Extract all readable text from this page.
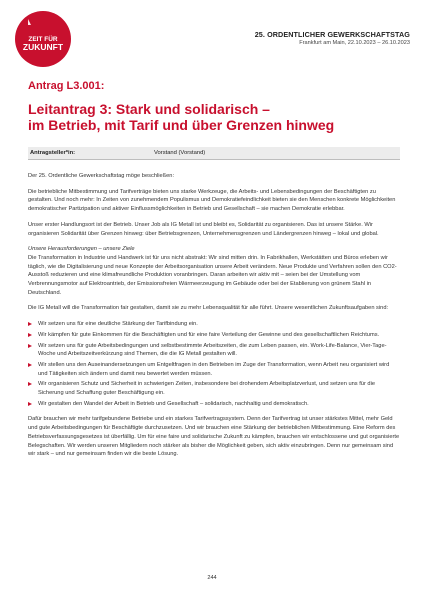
ZEIT FÜR
ZUKUNFT
25. ORDENTLICHER GEWERKSCHAFTSTAG
Frankfurt am Main, 22.10.2023 – 26.10.2023
Antrag L3.001:
Leitantrag 3: Stark und solidarisch –
im Betrieb, mit Tarif und über Grenzen hinweg
Antragsteller*in:	Vorstand (Vorstand)

Der 25. Ordentliche Gewerkschaftstag möge beschließen:

Die betriebliche Mitbestimmung und Tarifverträge bieten uns starke Werkzeuge, die Arbeits- und Lebensbedingungen der Beschäftigten zu gestalten. Und noch mehr: In Zeiten von zunehmendem Populismus und Demokratiefeindlichkeit bieten sie den Menschen konkrete Möglichkeiten demokratischer Partizipation und aktiver Einflussmöglichkeiten in Betrieb und Gesellschaft – sie machen Demokratie erlebbar.

Unser erster Handlungsort ist der Betrieb. Unser Job als IG Metall ist und bleibt es, Solidarität zu organisieren. Das ist unsere Stärke. Wir organisieren Solidarität über Grenzen hinweg: über Betriebsgrenzen, Unternehmensgrenzen und Ländergrenzen hinweg – lokal und global.

Unsere Herausforderungen – unsere Ziele

Die Transformation in Industrie und Handwerk ist für uns nicht abstrakt: Wir sind mitten drin. In Fabrikhallen, Werkstätten und Büros erleben wir täglich, wie die Digitalisierung und neue Konzepte der Arbeitsorganisation unsere Arbeit verändern. Neue Produkte und Verfahren sollen den CO2-Ausstoß reduzieren und eine klimafreundliche Produktion voranbringen. Daran arbeiten wir aktiv mit – seien bei der Umstellung vom Verbrennungsmotor auf Elektroantrieb, der Emissionsfreien Wärmeerzeugung im Gebäude oder bei der Etablierung von grünem Stahl in Deutschland.

Die IG Metall will die Transformation fair gestalten, damit sie zu mehr Lebensqualität für alle führt. Unsere wesentlichen Zukunftsaufgaben sind:

Wir setzen uns für eine deutliche Stärkung der Tarifbindung ein.
Wir kämpfen für gute Einkommen für die Beschäftigten und für eine faire Verteilung der Gewinne und des gesellschaftlichen Reichtums.
Wir setzen uns für gute Arbeitsbedingungen und selbstbestimmte Arbeitszeiten, die zum Leben passen, ein. Work-Life-Balance, Vier-Tage-Woche und Arbeitszeitverkürzung sind Themen, die die IG Metall gestalten will.
Wir stellen uns den Auseinandersetzungen um Entgeltfragen in den Betrieben im Zuge der Transformation, wenn Arbeit neu organisiert wird und Tätigkeiten sich ändern und damit neu bewertet werden müssen.
Wir organisieren Schutz und Sicherheit in schwierigen Zeiten, insbesondere bei drohendem Arbeitsplatzverlust, und setzen uns für die Sicherung und Schaffung guter Beschäftigung ein.
Wir gestalten den Wandel der Arbeit in Betrieb und Gesellschaft – solidarisch, nachhaltig und demokratisch.

Dafür brauchen wir mehr tarifgebundene Betriebe und ein starkes Tarifvertragssystem. Denn der Tarifvertrag ist unser stärkstes Mittel, mehr Geld und gute Arbeitsbedingungen für Beschäftigte durchzusetzen. Und wir brauchen eine Stärkung der betrieblichen Mitbestimmung. Eine Reform des Betriebsverfassungsgesetzes ist überfällig. Um für eine faire und solidarische Zukunft zu kämpfen, brauchen wir entschlossene und gut organisierte Belegschaften. Wir werden unseren Mitgliedern noch stärker als bisher die Möglichkeit geben, sich aktiv einzubringen. Denn nur gemeinsam sind wir stark – und nur gemeinsam finden wir die beste Lösung.

244
